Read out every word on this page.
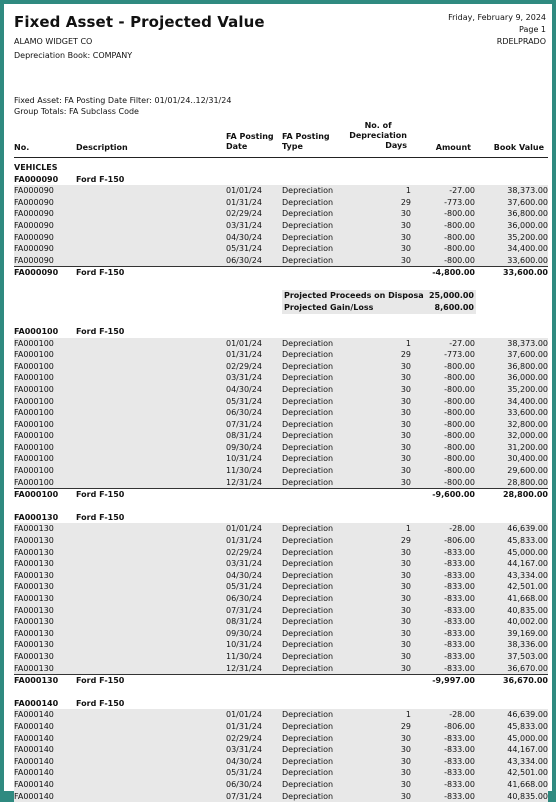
Fixed Asset - Projected Value
ALAMO WIDGET CO
Depreciation Book: COMPANY
Friday, February 9, 2024
Page 1
RDELPRADO
Fixed Asset: FA Posting Date Filter: 01/01/24..12/31/24
Group Totals: FA Subclass Code
No.	Description
FA Posting
Date
FA Posting
Type
No. of
Depreciation
Days	Amount	Book Value
VEHICLES
FA000090 Ford F-150
FA000090	01/01/24	Depreciation	1	-27.00	38,373.00
FA000090	01/31/24	Depreciation	29	-773.00	37,600.00
FA000090	02/29/24	Depreciation	30	-800.00	36,800.00
FA000090	03/31/24	Depreciation	30	-800.00	36,000.00
FA000090	04/30/24	Depreciation	30	-800.00	35,200.00
FA000090	05/31/24	Depreciation	30	-800.00	34,400.00
FA000090	06/30/24	Depreciation	30	-800.00	33,600.00
FA000090 Ford F-150	-4,800.00	33,600.00
Projected Proceeds on Disposa 25,000.00
Projected Gain/Loss	8,600.00
FA000100 Ford F-150
FA000100	01/01/24	Depreciation	1	-27.00	38,373.00
FA000100	01/31/24	Depreciation	29	-773.00	37,600.00
FA000100	02/29/24	Depreciation	30	-800.00	36,800.00
FA000100	03/31/24	Depreciation	30	-800.00	36,000.00
FA000100	04/30/24	Depreciation	30	-800.00	35,200.00
FA000100	05/31/24	Depreciation	30	-800.00	34,400.00
FA000100	06/30/24	Depreciation	30	-800.00	33,600.00
FA000100	07/31/24	Depreciation	30	-800.00	32,800.00
FA000100	08/31/24	Depreciation	30	-800.00	32,000.00
FA000100	09/30/24	Depreciation	30	-800.00	31,200.00
FA000100	10/31/24	Depreciation	30	-800.00	30,400.00
FA000100	11/30/24	Depreciation	30	-800.00	29,600.00
FA000100	12/31/24	Depreciation	30	-800.00	28,800.00
FA000100 Ford F-150	-9,600.00	28,800.00
FA000130 Ford F-150
FA000130	01/01/24	Depreciation	1	-28.00	46,639.00
FA000130	01/31/24	Depreciation	29	-806.00	45,833.00
FA000130	02/29/24	Depreciation	30	-833.00	45,000.00
FA000130	03/31/24	Depreciation	30	-833.00	44,167.00
FA000130	04/30/24	Depreciation	30	-833.00	43,334.00
FA000130	05/31/24	Depreciation	30	-833.00	42,501.00
FA000130	06/30/24	Depreciation	30	-833.00	41,668.00
FA000130	07/31/24	Depreciation	30	-833.00	40,835.00
FA000130	08/31/24	Depreciation	30	-833.00	40,002.00
FA000130	09/30/24	Depreciation	30	-833.00	39,169.00
FA000130	10/31/24	Depreciation	30	-833.00	38,336.00
FA000130	11/30/24	Depreciation	30	-833.00	37,503.00
FA000130	12/31/24	Depreciation	30	-833.00	36,670.00
FA000130 Ford F-150	-9,997.00	36,670.00
FA000140 Ford F-150
FA000140	01/01/24	Depreciation	1	-28.00	46,639.00
FA000140	01/31/24	Depreciation	29	-806.00	45,833.00
FA000140	02/29/24	Depreciation	30	-833.00	45,000.00
FA000140	03/31/24	Depreciation	30	-833.00	44,167.00
FA000140	04/30/24	Depreciation	30	-833.00	43,334.00
FA000140	05/31/24	Depreciation	30	-833.00	42,501.00
FA000140	06/30/24	Depreciation	30	-833.00	41,668.00
FA000140	07/31/24	Depreciation	30	-833.00	40,835.00
